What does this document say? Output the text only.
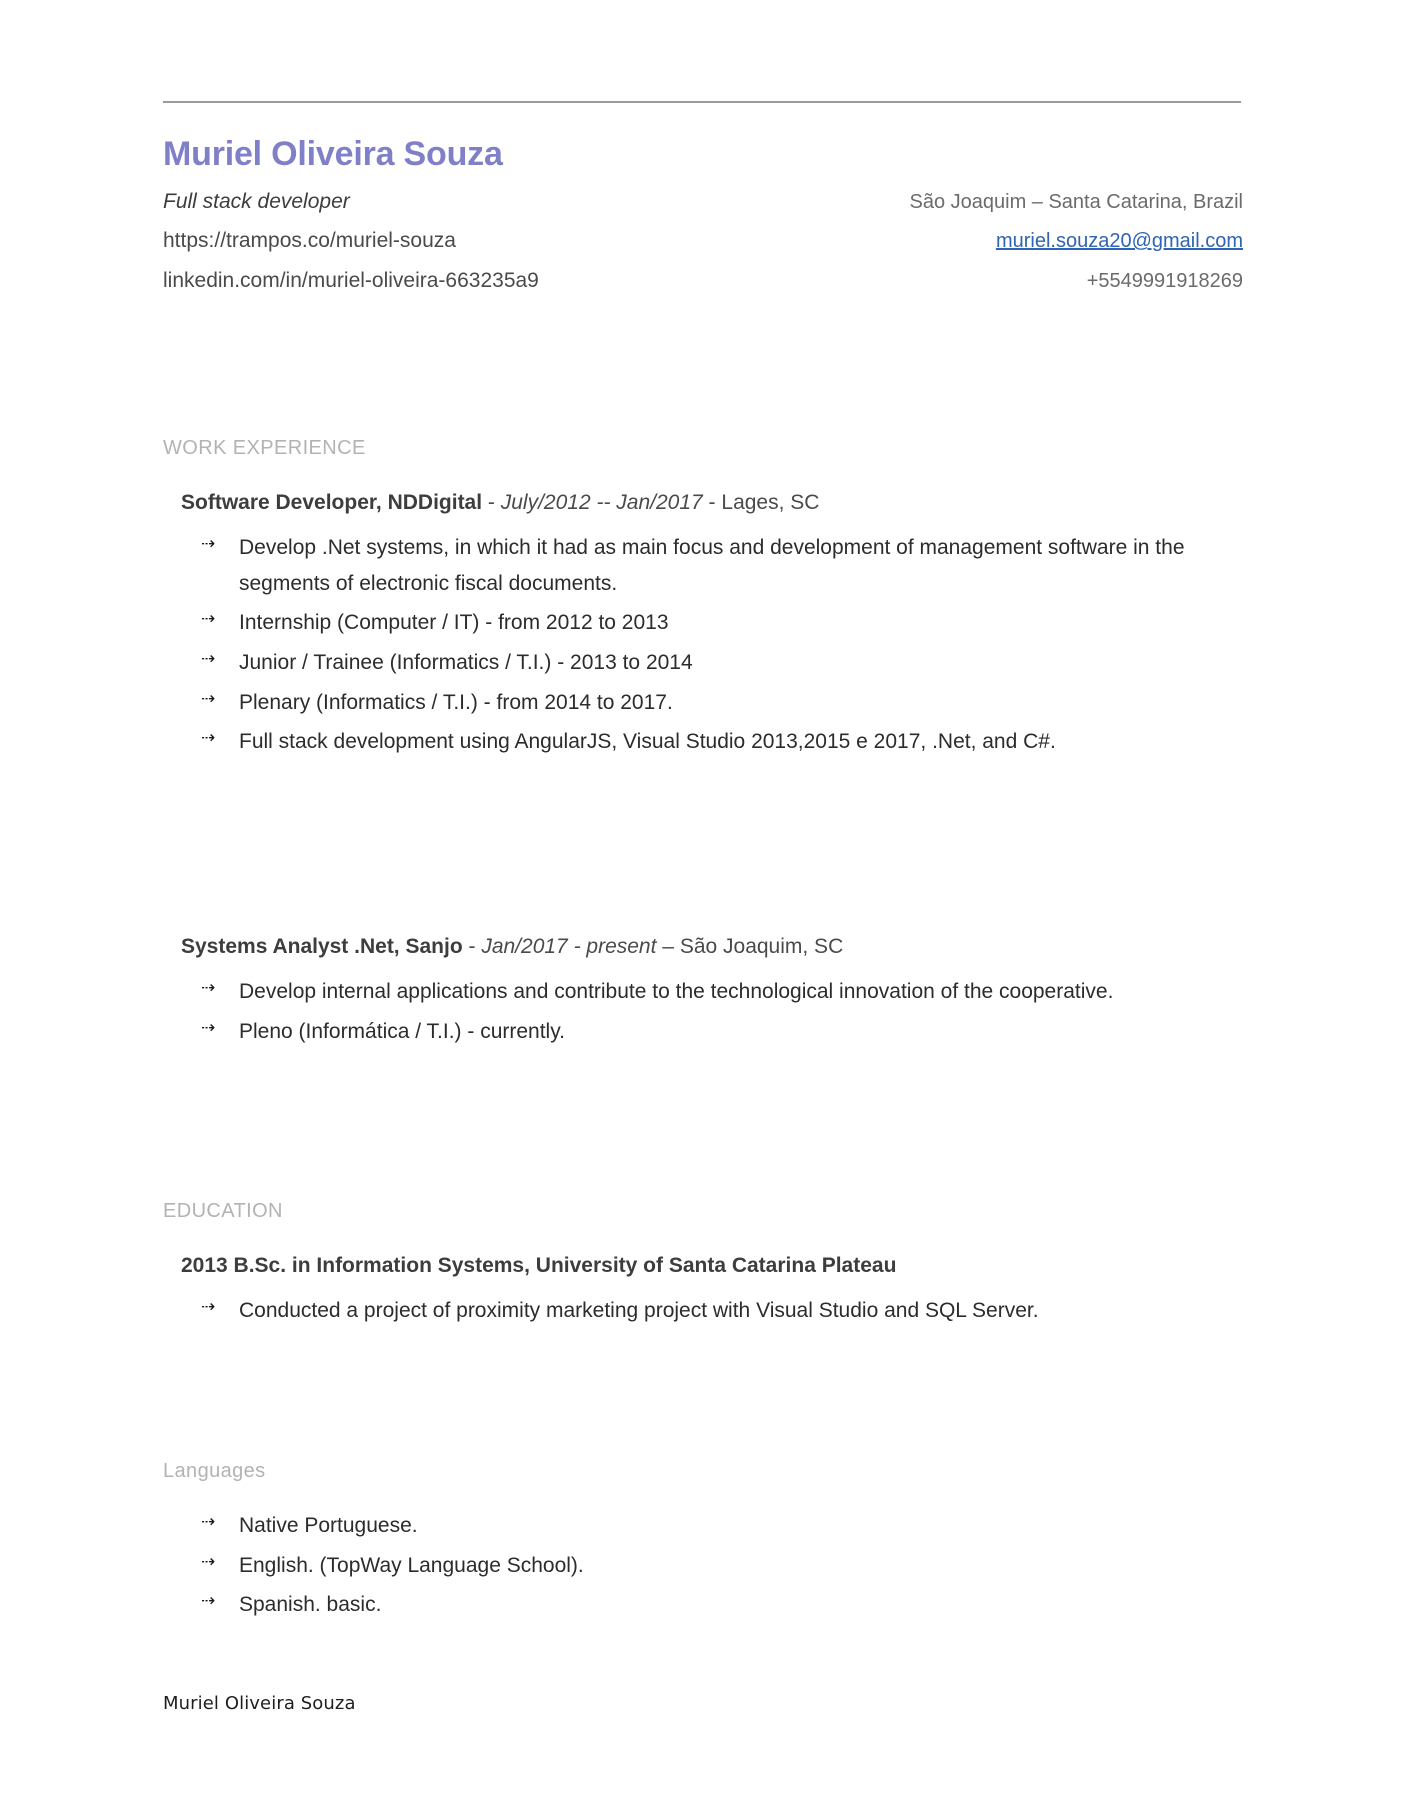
Muriel Oliveira Souza
Full stack developer	São Joaquim – Santa Catarina, Brazil
https://trampos.co/muriel-souza	muriel.souza20@gmail.com
linkedin.com/in/muriel-oliveira-663235a9	+5549991918269
WORK EXPERIENCE
Software Developer, NDDigital - July/2012 -- Jan/2017 - Lages, SC
⇢ Develop .Net systems, in which it had as main focus and development of management software in the segments of electronic fiscal documents.
⇢ Internship (Computer / IT) - from 2012 to 2013
⇢ Junior / Trainee (Informatics / T.I.) - 2013 to 2014
⇢ Plenary (Informatics / T.I.) - from 2014 to 2017.
⇢ Full stack development using AngularJS, Visual Studio 2013,2015 e 2017, .Net, and C#.
Systems Analyst .Net, Sanjo - Jan/2017 - present – São Joaquim, SC
⇢ Develop internal applications and contribute to the technological innovation of the cooperative.
⇢ Pleno (Informática / T.I.) - currently.
EDUCATION
2013 B.Sc. in Information Systems, University of Santa Catarina Plateau
⇢ Conducted a project of proximity marketing project with Visual Studio and SQL Server.
Languages
⇢ Native Portuguese.
⇢ English. (TopWay Language School).
⇢ Spanish. basic.
Muriel Oliveira Souza
